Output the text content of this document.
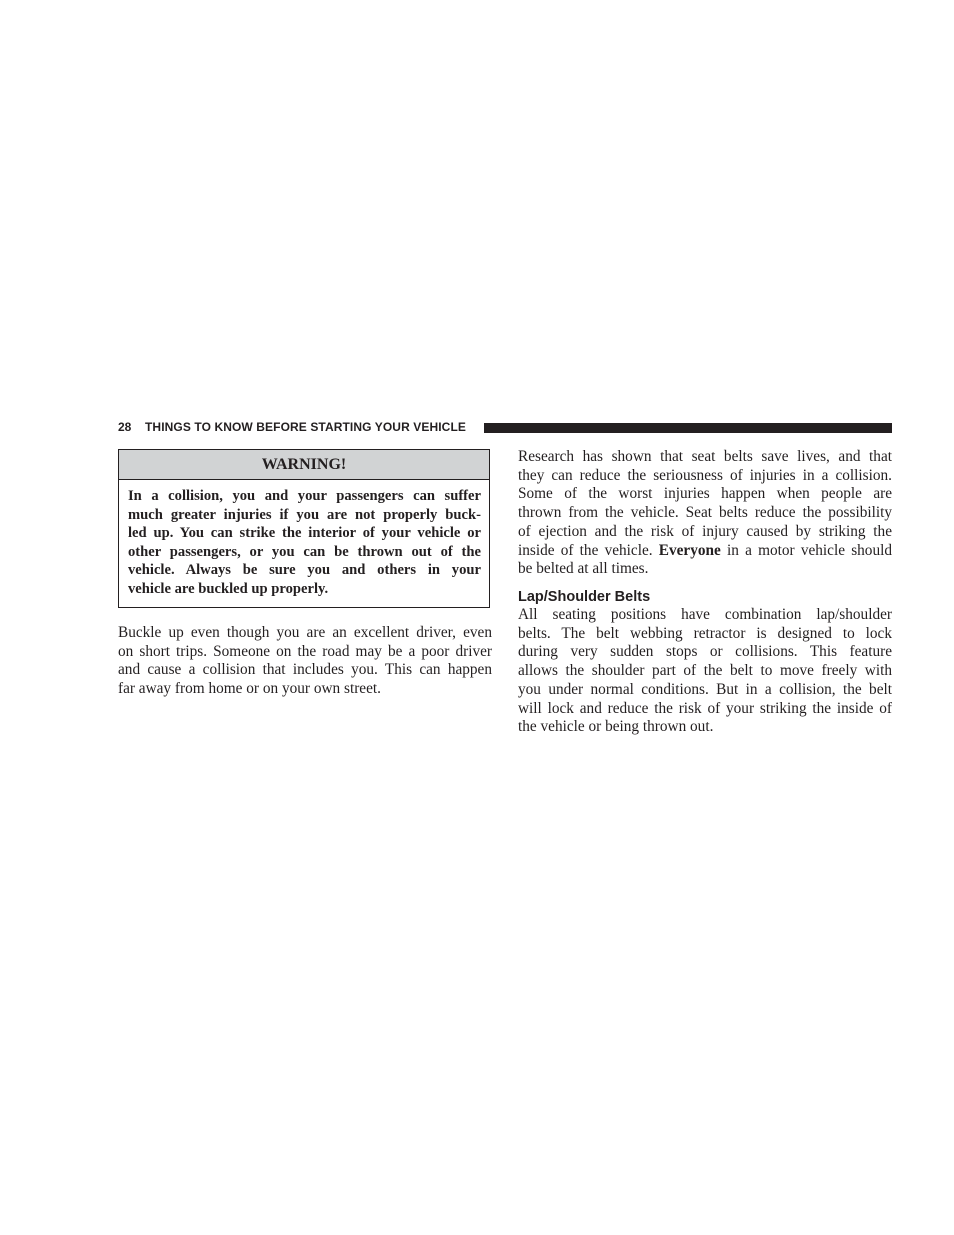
28 THINGS TO KNOW BEFORE STARTING YOUR VEHICLE
WARNING!
In a collision, you and your passengers can suffer
much greater injuries if you are not properly buck-
led up. You can strike the interior of your vehicle or
other passengers, or you can be thrown out of the
vehicle. Always be sure you and others in your
vehicle are buckled up properly.
Buckle up even though you are an excellent driver, even
on short trips. Someone on the road may be a poor driver
and cause a collision that includes you. This can happen
far away from home or on your own street.
Research has shown that seat belts save lives, and that
they can reduce the seriousness of injuries in a collision.
Some of the worst injuries happen when people are
thrown from the vehicle. Seat belts reduce the possibility
of ejection and the risk of injury caused by striking the
inside of the vehicle. Everyone in a motor vehicle should
be belted at all times.
Lap/Shoulder Belts
All seating positions have combination lap/shoulder
belts. The belt webbing retractor is designed to lock
during very sudden stops or collisions. This feature
allows the shoulder part of the belt to move freely with
you under normal conditions. But in a collision, the belt
will lock and reduce the risk of your striking the inside of
the vehicle or being thrown out.
